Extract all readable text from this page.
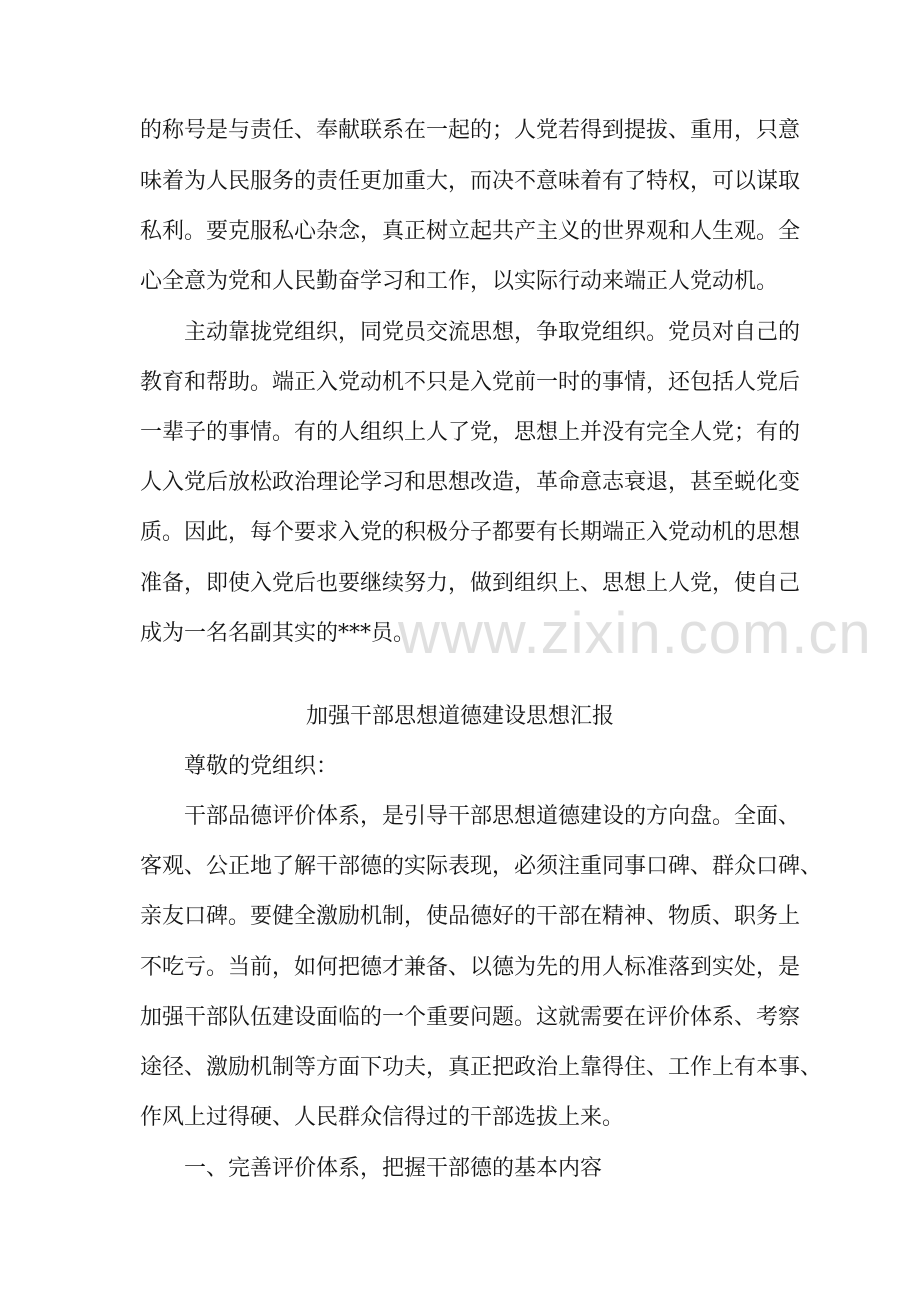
的称号是与责任、奉献联系在一起的；人党若得到提拔、重用，只意
味着为人民服务的责任更加重大，而决不意味着有了特权，可以谋取
私利。要克服私心杂念，真正树立起共产主义的世界观和人生观。全
心全意为党和人民勤奋学习和工作，以实际行动来端正人党动机。
主动靠拢党组织，同党员交流思想，争取党组织。党员对自己的
教育和帮助。端正入党动机不只是入党前一时的事情，还包括人党后
一辈子的事情。有的人组织上人了党，思想上并没有完全人党；有的
人入党后放松政治理论学习和思想改造，革命意志衰退，甚至蜕化变
质。因此，每个要求入党的积极分子都要有长期端正入党动机的思想
准备，即使入党后也要继续努力，做到组织上、思想上人党，使自己
成为一名名副其实的***员。
www.zixin.com.cn
加强干部思想道德建设思想汇报
尊敬的党组织：
干部品德评价体系，是引导干部思想道德建设的方向盘。全面、
客观、公正地了解干部德的实际表现，必须注重同事口碑、群众口碑、
亲友口碑。要健全激励机制，使品德好的干部在精神、物质、职务上
不吃亏。当前，如何把德才兼备、以德为先的用人标准落到实处，是
加强干部队伍建设面临的一个重要问题。这就需要在评价体系、考察
途径、激励机制等方面下功夫，真正把政治上靠得住、工作上有本事、
作风上过得硬、人民群众信得过的干部选拔上来。
一、完善评价体系，把握干部德的基本内容
